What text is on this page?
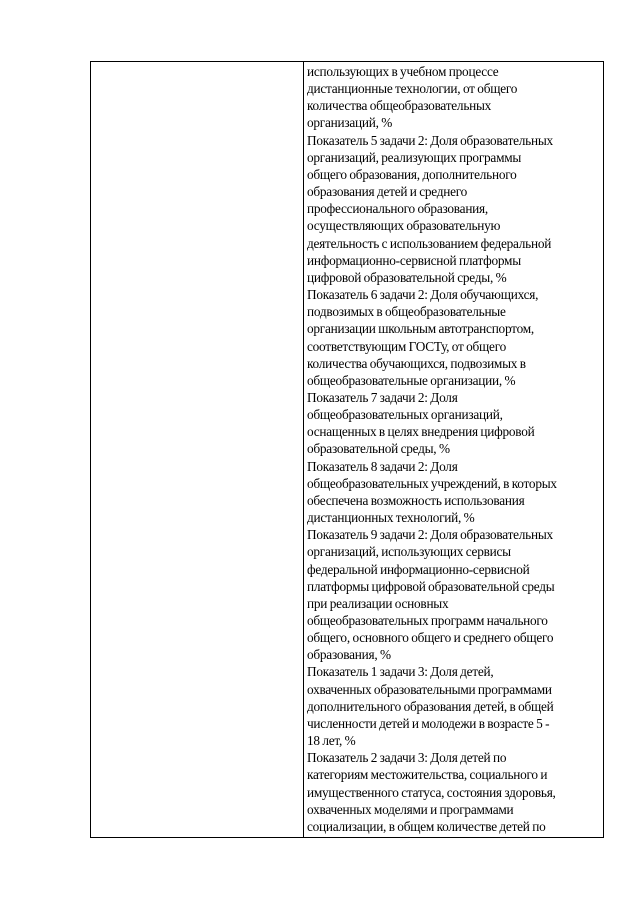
использующих в учебном процессе
дистанционные технологии, от общего
количества общеобразовательных
организаций, %

Показатель 5 задачи 2: Доля образовательных
организаций, реализующих программы
общего образования, дополнительного
образования детей и среднего
профессионального образования,
осуществляющих образовательную
деятельность с использованием федеральной
информационно-сервисной платформы
цифровой образовательной среды, %

Показатель 6 задачи 2: Доля обучающихся,
подвозимых в общеобразовательные
организации школьным автотранспортом,
соответствующим ГОСТу, от общего
количества обучающихся, подвозимых в
общеобразовательные организации, %

Показатель 7 задачи 2: Доля
общеобразовательных организаций,
оснащенных в целях внедрения цифровой
образовательной среды, %

Показатель 8 задачи 2: Доля
общеобразовательных учреждений, в которых
обеспечена возможность использования
дистанционных технологий, %

Показатель 9 задачи 2: Доля образовательных
организаций, использующих сервисы
федеральной информационно-сервисной
платформы цифровой образовательной среды
при реализации основных
общеобразовательных программ начального
общего, основного общего и среднего общего
образования, %

Показатель 1 задачи 3: Доля детей,
охваченных образовательными программами
дополнительного образования детей, в общей
численности детей и молодежи в возрасте 5 -
18 лет, %

Показатель 2 задачи 3: Доля детей по
категориям местожительства, социального и
имущественного статуса, состояния здоровья,
охваченных моделями и программами
социализации, в общем количестве детей по
